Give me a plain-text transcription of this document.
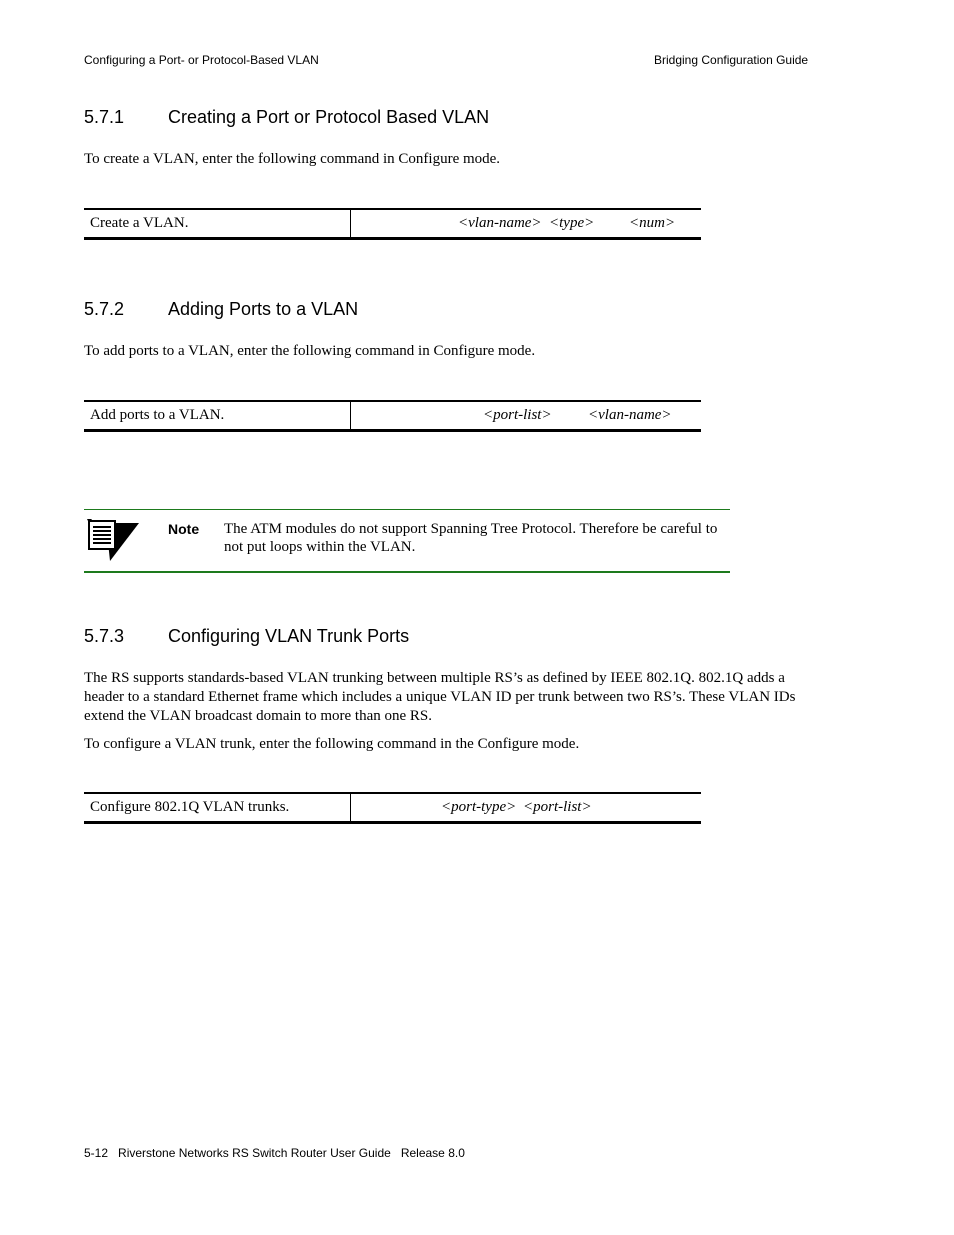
Configuring a Port- or Protocol-Based VLAN	Bridging Configuration Guide
5.7.1 Creating a Port or Protocol Based VLAN
To create a VLAN, enter the following command in Configure mode.
Create a VLAN.	<vlan-name> <type> <num>
5.7.2 Adding Ports to a VLAN
To add ports to a VLAN, enter the following command in Configure mode.
Add ports to a VLAN.	<port-list> <vlan-name>
Note The ATM modules do not support Spanning Tree Protocol. Therefore be careful to not put loops within the VLAN.
5.7.3 Configuring VLAN Trunk Ports
The RS supports standards-based VLAN trunking between multiple RS’s as defined by IEEE 802.1Q. 802.1Q adds a header to a standard Ethernet frame which includes a unique VLAN ID per trunk between two RS’s. These VLAN IDs extend the VLAN broadcast domain to more than one RS.
To configure a VLAN trunk, enter the following command in the Configure mode.
Configure 802.1Q VLAN trunks.	<port-type> <port-list>
5-12 Riverstone Networks RS Switch Router User Guide Release 8.0
